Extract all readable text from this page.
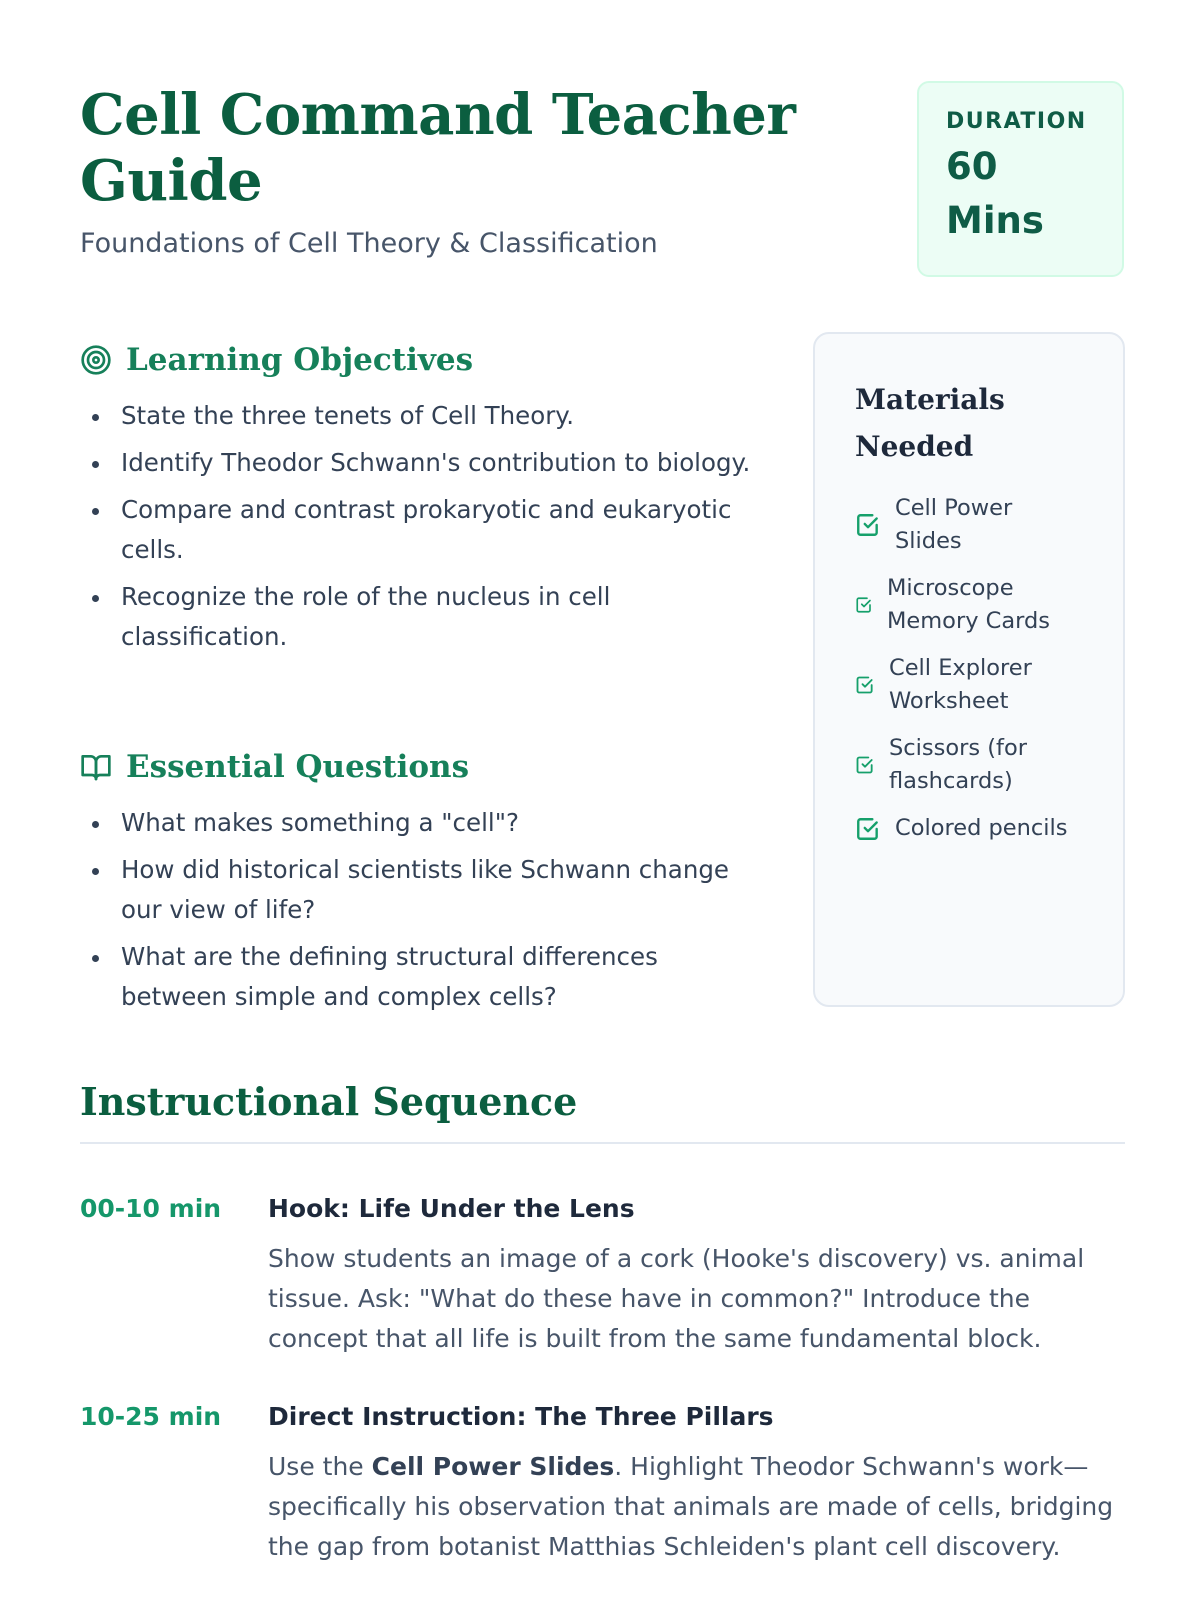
Cell Command Teacher Guide
Foundations of Cell Theory & Classification
DURATION
60 Mins
Learning Objectives
State the three tenets of Cell Theory.
Identify Theodor Schwann's contribution to biology.
Compare and contrast prokaryotic and eukaryotic cells.
Recognize the role of the nucleus in cell classification.
Essential Questions
What makes something a "cell"?
How did historical scientists like Schwann change our view of life?
What are the defining structural differences between simple and complex cells?
Materials Needed
Cell Power Slides
Microscope Memory Cards
Cell Explorer Worksheet
Scissors (for flashcards)
Colored pencils
Instructional Sequence
00-10 min Hook: Life Under the Lens
Show students an image of a cork (Hooke's discovery) vs. animal tissue. Ask: "What do these have in common?" Introduce the concept that all life is built from the same fundamental block.
10-25 min Direct Instruction: The Three Pillars
Use the Cell Power Slides. Highlight Theodor Schwann's work—specifically his observation that animals are made of cells, bridging the gap from botanist Matthias Schleiden's plant cell discovery.
